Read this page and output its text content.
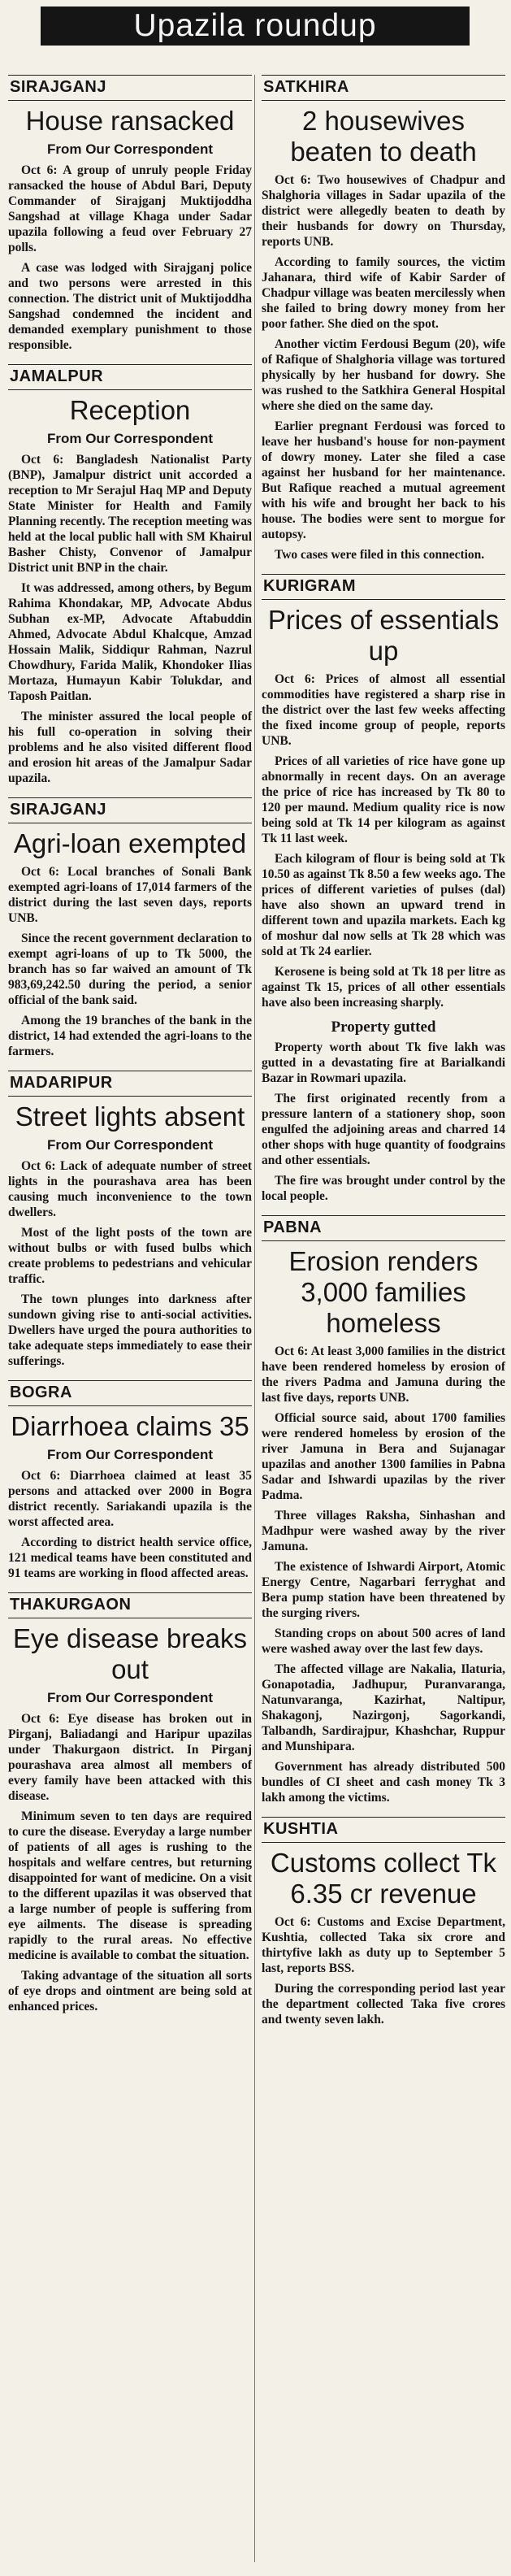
Upazila roundup
SIRAJGANJ
House ransacked
From Our Correspondent

Oct 6: A group of unruly people Friday ransacked the house of Abdul Bari, Deputy Commander of Sirajganj Muktijoddha Sangshad at village Khaga under Sadar upazila following a feud over February 27 polls.

A case was lodged with Sirajganj police and two persons were arrested in this connection. The district unit of Muktijoddha Sangshad condemned the incident and demanded exemplary punishment to those responsible.

JAMALPUR
Reception
From Our Correspondent

Oct 6: Bangladesh Nationalist Party (BNP), Jamalpur district unit accorded a reception to Mr Serajul Haq MP and Deputy State Minister for Health and Family Planning recently. The reception meeting was held at the local public hall with SM Khairul Basher Chisty, Convenor of Jamalpur District unit BNP in the chair.

It was addressed, among others, by Begum Rahima Khondakar, MP, Advocate Abdus Subhan ex-MP, Advocate Aftabuddin Ahmed, Advocate Abdul Khalcque, Amzad Hossain Malik, Siddiqur Rahman, Nazrul Chowdhury, Farida Malik, Khondoker Ilias Mortaza, Humayun Kabir Tolukdar, and Taposh Paitlan.

The minister assured the local people of his full co-operation in solving their problems and he also visited different flood and erosion hit areas of the Jamalpur Sadar upazila.

SIRAJGANJ
Agri-loan exempted

Oct 6: Local branches of Sonali Bank exempted agri-loans of 17,014 farmers of the district during the last seven days, reports UNB.

Since the recent government declaration to exempt agri-loans of up to Tk 5000, the branch has so far waived an amount of Tk 983,69,242.50 during the period, a senior official of the bank said.

Among the 19 branches of the bank in the district, 14 had extended the agri-loans to the farmers.

MADARIPUR
Street lights absent
From Our Correspondent

Oct 6: Lack of adequate number of street lights in the pourashava area has been causing much inconvenience to the town dwellers.

Most of the light posts of the town are without bulbs or with fused bulbs which create problems to pedestrians and vehicular traffic.

The town plunges into darkness after sundown giving rise to anti-social activities. Dwellers have urged the poura authorities to take adequate steps immediately to ease their sufferings.

BOGRA
Diarrhoea claims 35
From Our Correspondent

Oct 6: Diarrhoea claimed at least 35 persons and attacked over 2000 in Bogra district recently. Sariakandi upazila is the worst affected area.

According to district health service office, 121 medical teams have been constituted and 91 teams are working in flood affected areas.

THAKURGAON
Eye disease breaks out
From Our Correspondent

Oct 6: Eye disease has broken out in Pirganj, Baliadangi and Haripur upazilas under Thakurgaon district. In Pirganj pourashava area almost all members of every family have been attacked with this disease.

Minimum seven to ten days are required to cure the disease. Everyday a large number of patients of all ages is rushing to the hospitals and welfare centres, but returning disappointed for want of medicine. On a visit to the different upazilas it was observed that a large number of people is suffering from eye ailments. The disease is spreading rapidly to the rural areas. No effective medicine is available to combat the situation.

Taking advantage of the situation all sorts of eye drops and ointment are being sold at enhanced prices.

SATKHIRA
2 housewives beaten to death

Oct 6: Two housewives of Chadpur and Shalghoria villages in Sadar upazila of the district were allegedly beaten to death by their husbands for dowry on Thursday, reports UNB.

According to family sources, the victim Jahanara, third wife of Kabir Sarder of Chadpur village was beaten mercilessly when she failed to bring dowry money from her poor father. She died on the spot.

Another victim Ferdousi Begum (20), wife of Rafique of Shalghoria village was tortured physically by her husband for dowry. She was rushed to the Satkhira General Hospital where she died on the same day.

Earlier pregnant Ferdousi was forced to leave her husband's house for non-payment of dowry money. Later she filed a case against her husband for her maintenance. But Rafique reached a mutual agreement with his wife and brought her back to his house. The bodies were sent to morgue for autopsy.

Two cases were filed in this connection.

KURIGRAM
Prices of essentials up

Oct 6: Prices of almost all essential commodities have registered a sharp rise in the district over the last few weeks affecting the fixed income group of people, reports UNB.

Prices of all varieties of rice have gone up abnormally in recent days. On an average the price of rice has increased by Tk 80 to 120 per maund. Medium quality rice is now being sold at Tk 14 per kilogram as against Tk 11 last week.

Each kilogram of flour is being sold at Tk 10.50 as against Tk 8.50 a few weeks ago. The prices of different varieties of pulses (dal) have also shown an upward trend in different town and upazila markets. Each kg of moshur dal now sells at Tk 28 which was sold at Tk 24 earlier.

Kerosene is being sold at Tk 18 per litre as against Tk 15, prices of all other essentials have also been increasing sharply.

Property gutted

Property worth about Tk five lakh was gutted in a devastating fire at Barialkandi Bazar in Rowmari upazila.

The first originated recently from a pressure lantern of a stationery shop, soon engulfed the adjoining areas and charred 14 other shops with huge quantity of foodgrains and other essentials.

The fire was brought under control by the local people.

PABNA
Erosion renders 3,000 families homeless

Oct 6: At least 3,000 families in the district have been rendered homeless by erosion of the rivers Padma and Jamuna during the last five days, reports UNB.

Official source said, about 1700 families were rendered homeless by erosion of the river Jamuna in Bera and Sujanagar upazilas and another 1300 families in Pabna Sadar and Ishwardi upazilas by the river Padma.

Three villages Raksha, Sinhashan and Madhpur were washed away by the river Jamuna.

The existence of Ishwardi Airport, Atomic Energy Centre, Nagarbari ferryghat and Bera pump station have been threatened by the surging rivers.

Standing crops on about 500 acres of land were washed away over the last few days.

The affected village are Nakalia, Ilaturia, Gonapotadia, Jadhupur, Puranvaranga, Natunvaranga, Kazirhat, Naltipur, Shakagonj, Nazirgonj, Sagorkandi, Talbandh, Sardirajpur, Khashchar, Ruppur and Munshipara.

Government has already distributed 500 bundles of CI sheet and cash money Tk 3 lakh among the victims.

KUSHTIA
Customs collect Tk 6.35 cr revenue

Oct 6: Customs and Excise Department, Kushtia, collected Taka six crore and thirtyfive lakh as duty up to September 5 last, reports BSS.

During the corresponding period last year the department collected Taka five crores and twenty seven lakh.
